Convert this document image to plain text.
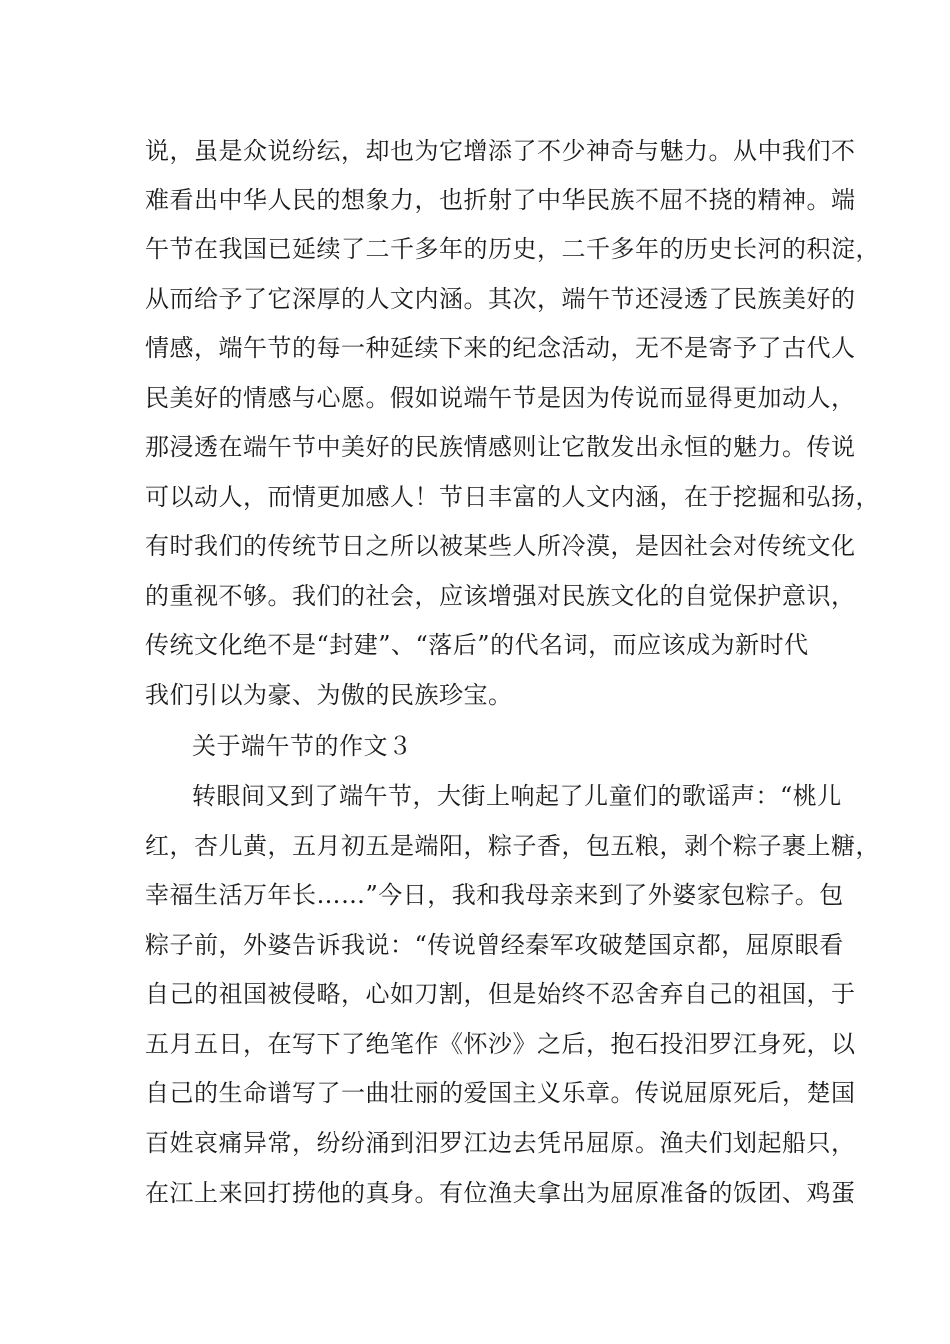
说，虽是众说纷纭，却也为它增添了不少神奇与魅力。从中我们不
难看出中华人民的想象力，也折射了中华民族不屈不挠的精神。端
午节在我国已延续了二千多年的历史，二千多年的历史长河的积淀，
从而给予了它深厚的人文内涵。其次，端午节还浸透了民族美好的
情感，端午节的每一种延续下来的纪念活动，无不是寄予了古代人
民美好的情感与心愿。假如说端午节是因为传说而显得更加动人，
那浸透在端午节中美好的民族情感则让它散发出永恒的魅力。传说
可以动人，而情更加感人！节日丰富的人文内涵，在于挖掘和弘扬，
有时我们的传统节日之所以被某些人所冷漠，是因社会对传统文化
的重视不够。我们的社会，应该增强对民族文化的自觉保护意识，
传统文化绝不是“封建”、“落后”的代名词，而应该成为新时代
我们引以为豪、为傲的民族珍宝。
关于端午节的作文３
转眼间又到了端午节，大街上响起了儿童们的歌谣声：“桃儿
红，杏儿黄，五月初五是端阳，粽子香，包五粮，剥个粽子裹上糖，
幸福生活万年长……”今日，我和我母亲来到了外婆家包粽子。包
粽子前，外婆告诉我说：“传说曾经秦军攻破楚国京都，屈原眼看
自己的祖国被侵略，心如刀割，但是始终不忍舍弃自己的祖国，于
五月五日，在写下了绝笔作《怀沙》之后，抱石投汨罗江身死，以
自己的生命谱写了一曲壮丽的爱国主义乐章。传说屈原死后，楚国
百姓哀痛异常，纷纷涌到汨罗江边去凭吊屈原。渔夫们划起船只，
在江上来回打捞他的真身。有位渔夫拿出为屈原准备的饭团、鸡蛋
